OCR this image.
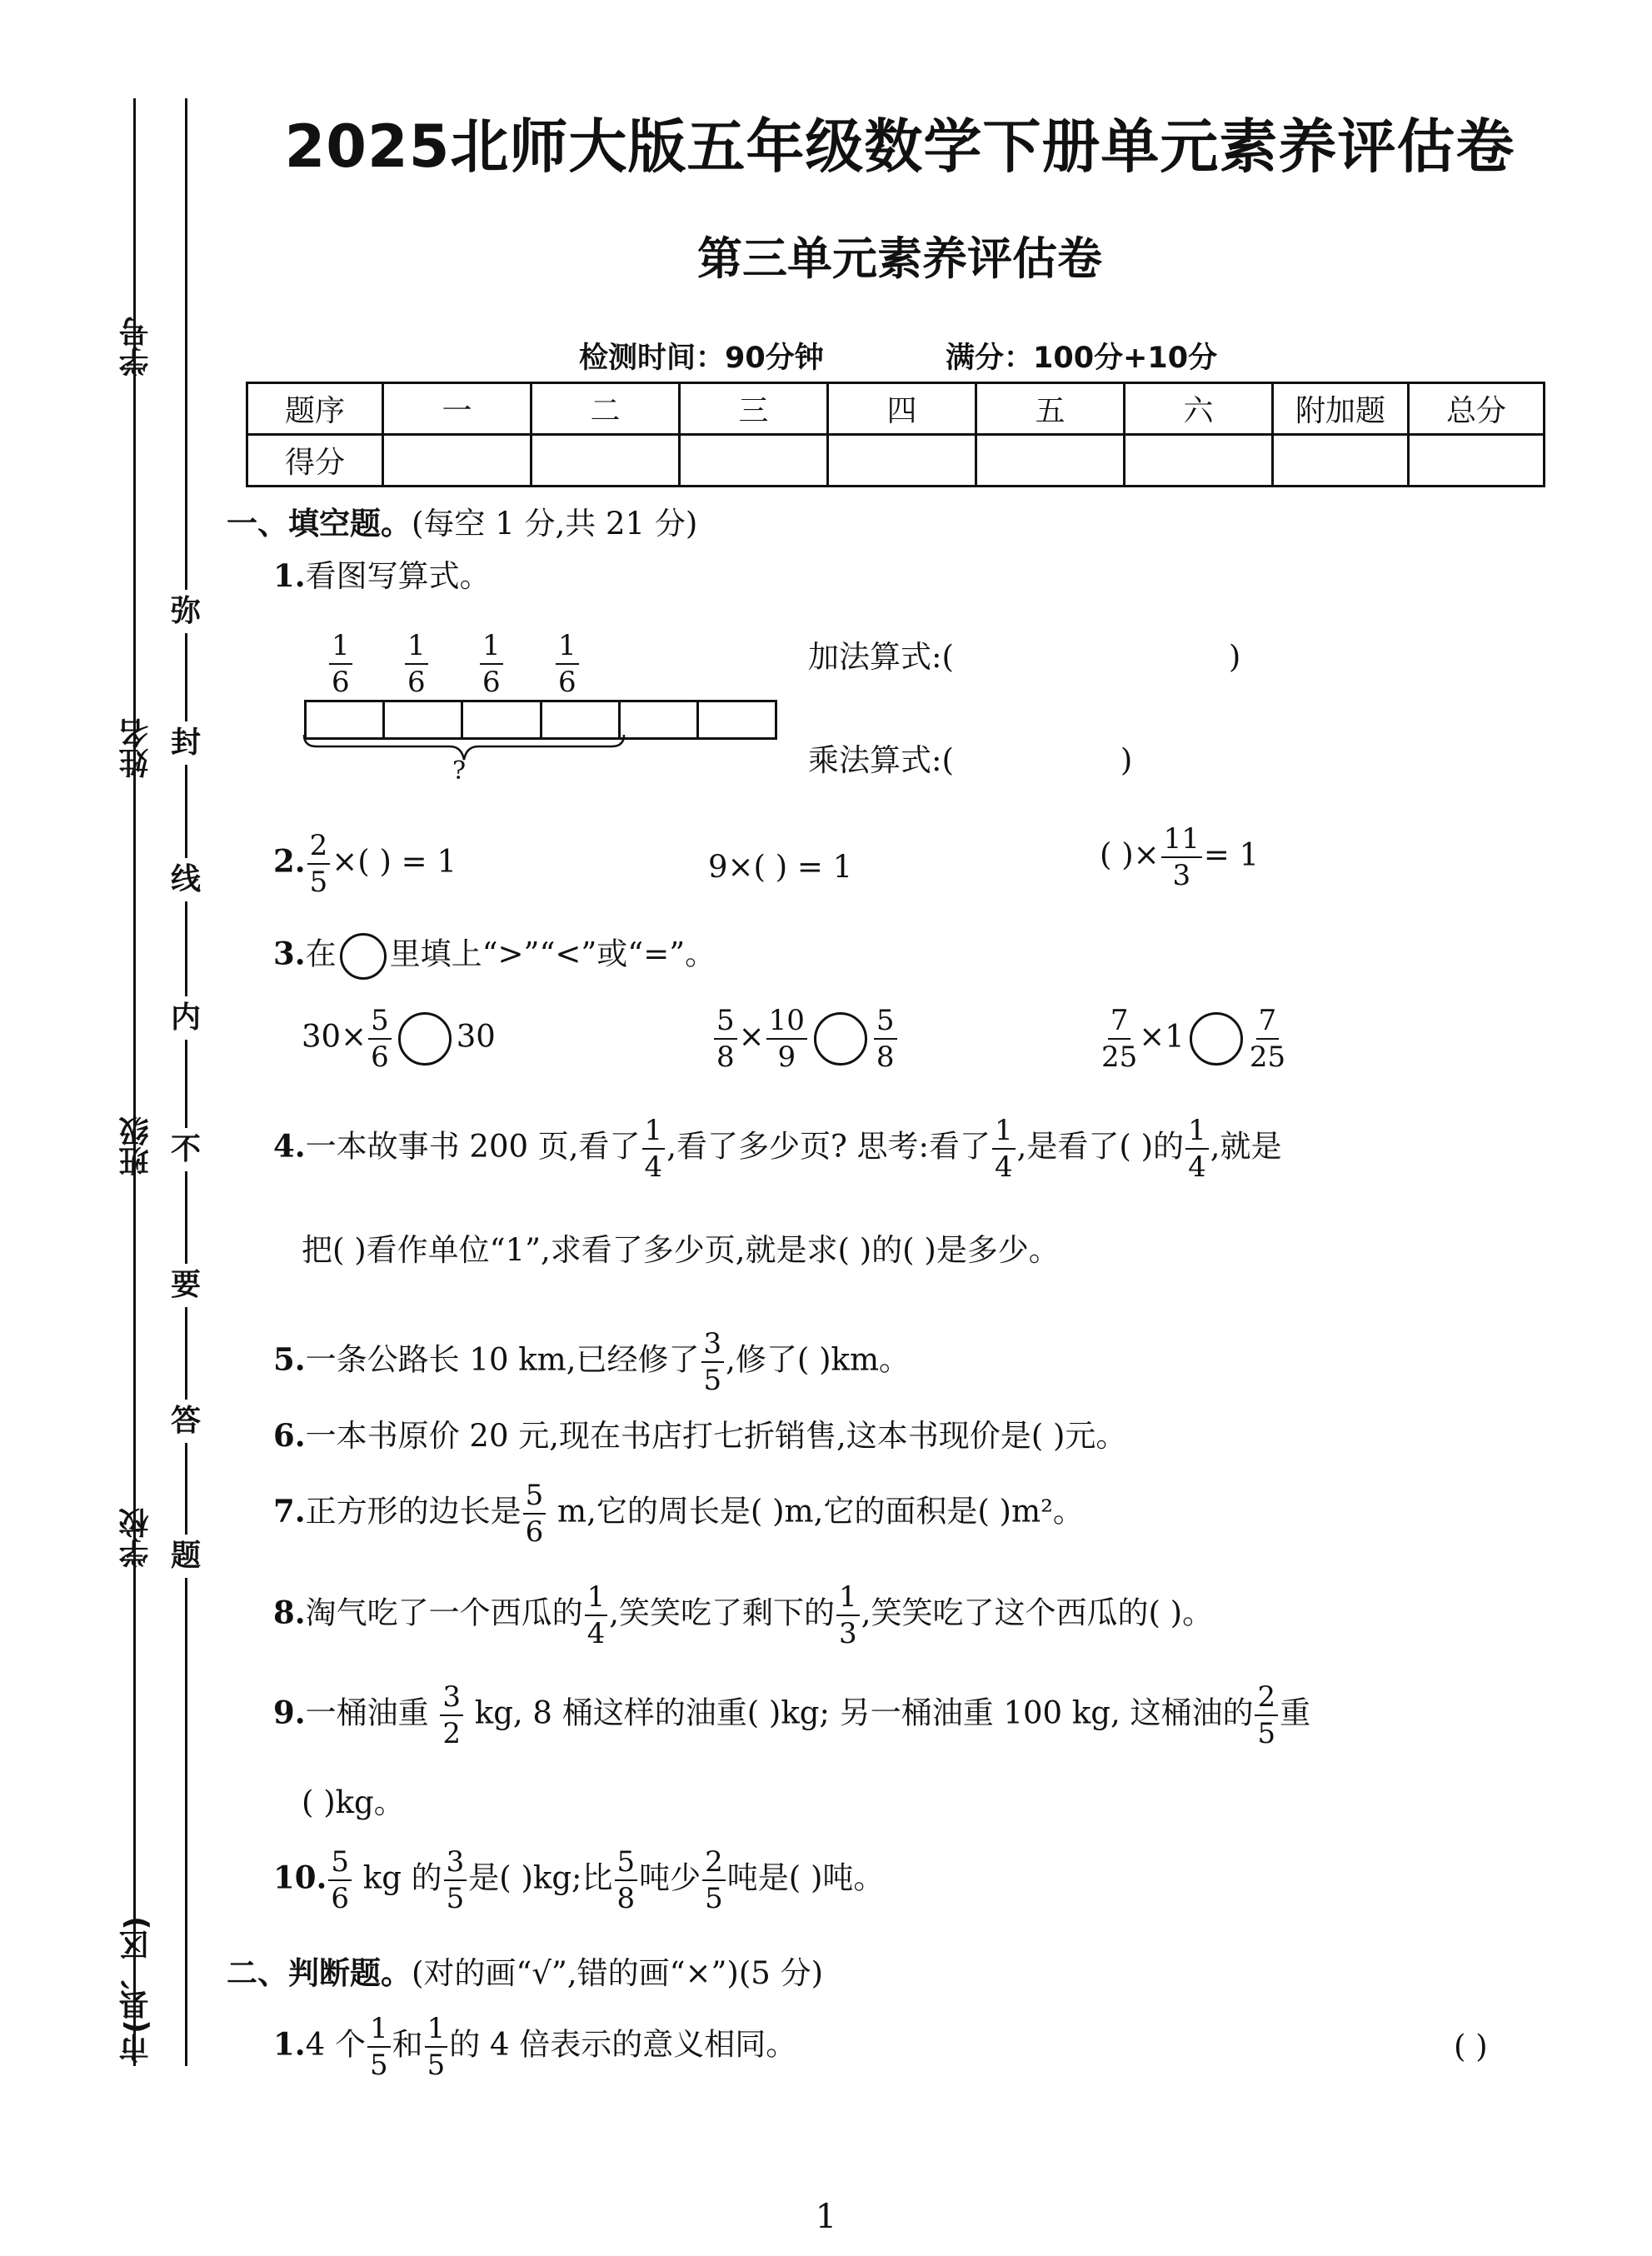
学号
姓名
班级
学校
市(县、区)
弥
封
线
内
不
要
答
题
2025北师大版五年级数学下册单元素养评估卷
第三单元素养评估卷
检测时间：90分钟	满分：100分+10分
题序	一	二	三	四	五	六	附加题	总分
得分								
一、填空题。(每空 1 分,共 21 分)
1.看图写算式。
$\frac{1}{6} \frac{1}{6} \frac{1}{6} \frac{1}{6}$
?
加法算式:(	)
乘法算式:(	)
2. $\frac{2}{5}$ ×( ) = 1	9×( ) = 1	( )× $\frac{11}{3} = 1$
3.在 里填上“>”“<”或“=”。
$30\times \frac{5}{6} 30$	$\frac{5}{8} \times \frac{10}{9} \frac{5}{8}$	$\frac{7}{25} \times 1 \frac{7}{25}$
4.一本故事书 200 页,看了 $\frac{1}{4}$ ,看了多少页? 思考:看了 $\frac{1}{4}$ ,是看了( )的 $\frac{1}{4}$ ,就是
把( )看作单位“1”,求看了多少页,就是求( )的( )是多少。
5.一条公路长 10 km,已经修了 $\frac{3}{5}$ ,修了( )km。
6.一本书原价 20 元,现在书店打七折销售,这本书现价是( )元。
7.正方形的边长是 $\frac{5}{6} m$,它的周长是( )m,它的面积是( )m²。
8.淘气吃了一个西瓜的 $\frac{1}{4}$ ,笑笑吃了剩下的 $\frac{1}{3}$ ,笑笑吃了这个西瓜的( )。
9.一桶油重 $\frac{3}{2}$ kg, 8 桶这样的油重( )kg; 另一桶油重 100 kg, 这桶油的 $\frac{2}{5}$ 重
( )kg。
10. $\frac{5}{6}$ kg 的 $\frac{3}{5}$ 是( )kg;比 $\frac{5}{8}$ 吨少 $\frac{2}{5}$ 吨是( )吨。
二、判断题。(对的画“√”,错的画“×”)(5 分)
1.4 个 $\frac{1}{5}$ 和 $\frac{1}{5}$ 的 4 倍表示的意义相同。	( )
1
